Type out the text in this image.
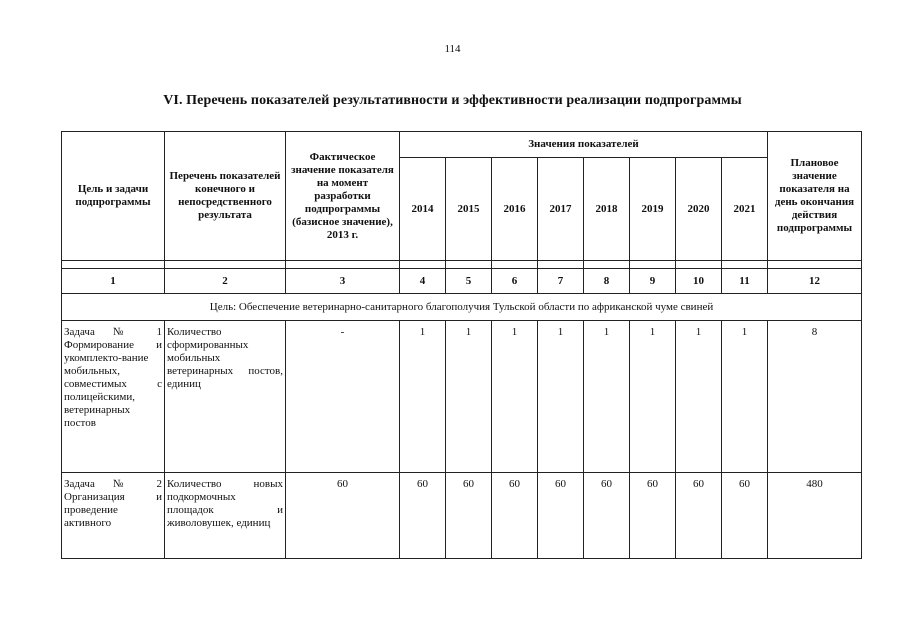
114
VI. Перечень показателей результативности и эффективности реализации подпрограммы
Цель и задачи подпрограммы	Перечень показателей конечного и непосредственного результата	Фактическое значение показателя на момент разработки подпрограммы (базисное значение), 2013 г.	Значения показателей								Плановое значение показателя на день окончания действия подпрограммы
			2014	2015	2016	2017	2018	2019	2020	2021	

1	2	3	4	5	6	7	8	9	10	11	12
Цель: Обеспечение ветеринарно-санитарного благополучия Тульской области по африканской чуме свиней											
Задача № 1 Формирование и укомплекто-вание мобильных, совместимых с полицейскими, ветеринарных постов	Количество сформированных мобильных ветеринарных постов, единиц	-	1	1	1	1	1	1	1	1	8
Задача № 2 Организация и проведение активного	Количество новых подкормочных площадок и живоловушек, единиц	60	60	60	60	60	60	60	60	60	480
